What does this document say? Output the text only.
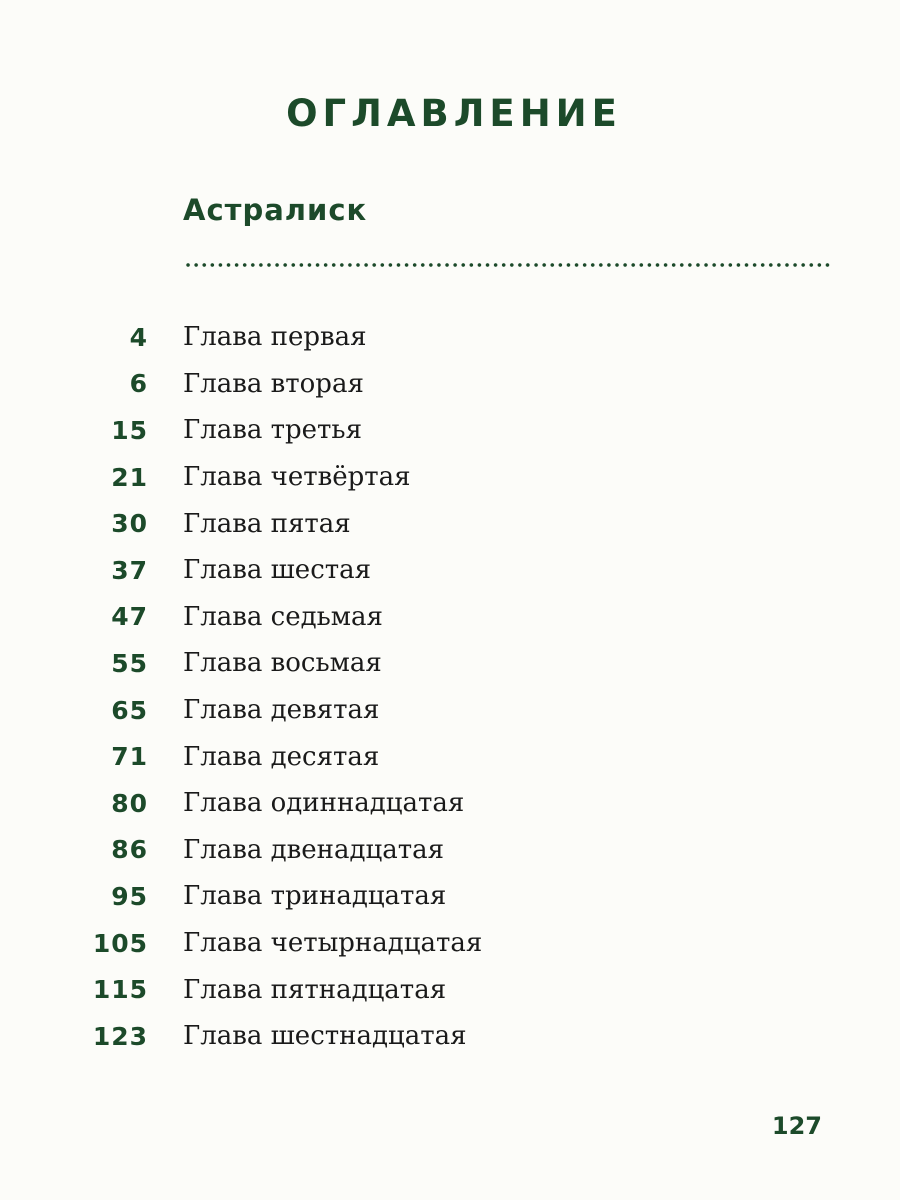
ОГЛАВЛЕНИЕ
Астралиск
4 Глава первая
6 Глава вторая
15 Глава третья
21 Глава четвёртая
30 Глава пятая
37 Глава шестая
47 Глава седьмая
55 Глава восьмая
65 Глава девятая
71 Глава десятая
80 Глава одиннадцатая
86 Глава двенадцатая
95 Глава тринадцатая
105 Глава четырнадцатая
115 Глава пятнадцатая
123 Глава шестнадцатая
127
